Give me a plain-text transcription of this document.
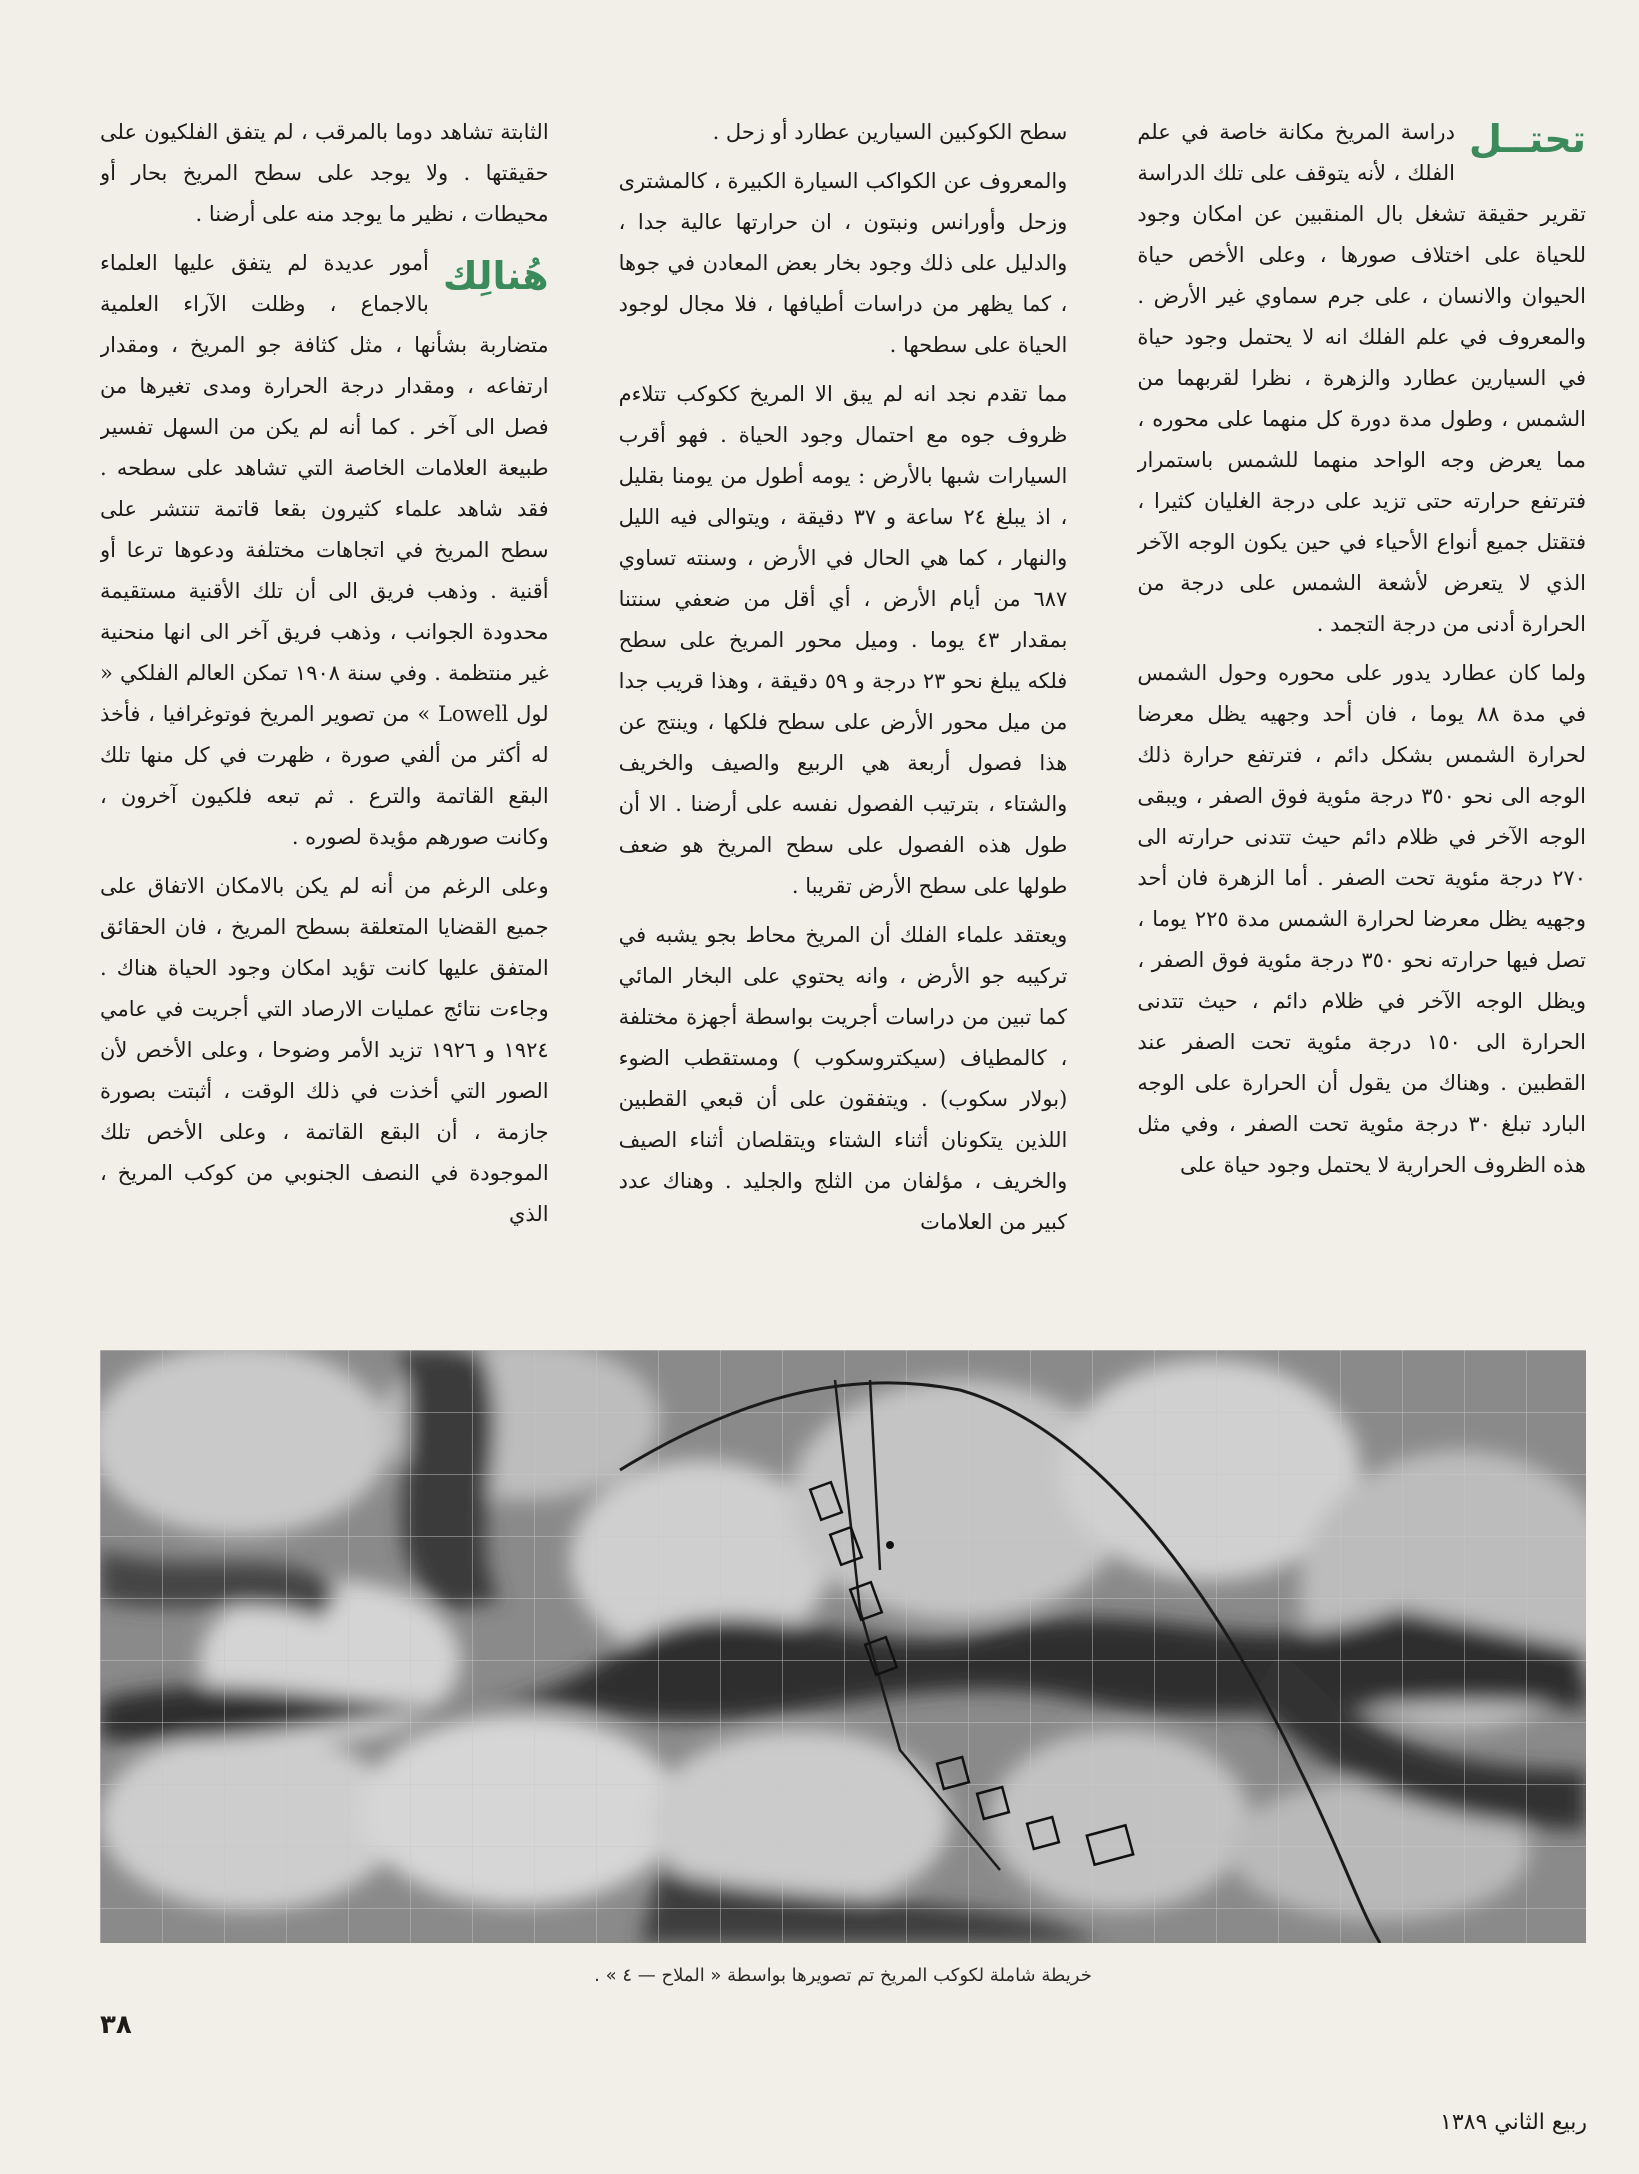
تحتــل
دراسة المريخ مكانة خاصة في علم الفلك ، لأنه يتوقف على تلك الدراسة تقرير حقيقة تشغل بال المنقبين عن امكان وجود للحياة على اختلاف صورها ، وعلى الأخص حياة الحيوان والانسان ، على جرم سماوي غير الأرض . والمعروف في علم الفلك انه لا يحتمل وجود حياة في السيارين عطارد والزهرة ، نظرا لقربهما من الشمس ، وطول مدة دورة كل منهما على محوره ، مما يعرض وجه الواحد منهما للشمس باستمرار فترتفع حرارته حتى تزيد على درجة الغليان كثيرا ، فتقتل جميع أنواع الأحياء في حين يكون الوجه الآخر الذي لا يتعرض لأشعة الشمس على درجة من الحرارة أدنى من درجة التجمد .

ولما كان عطارد يدور على محوره وحول الشمس في مدة ٨٨ يوما ، فان أحد وجهيه يظل معرضا لحرارة الشمس بشكل دائم ، فترتفع حرارة ذلك الوجه الى نحو ٣٥٠ درجة مئوية فوق الصفر ، ويبقى الوجه الآخر في ظلام دائم حيث تتدنى حرارته الى ٢٧٠ درجة مئوية تحت الصفر . أما الزهرة فان أحد وجهيه يظل معرضا لحرارة الشمس مدة ٢٢٥ يوما ، تصل فيها حرارته نحو ٣٥٠ درجة مئوية فوق الصفر ، ويظل الوجه الآخر في ظلام دائم ، حيث تتدنى الحرارة الى ١٥٠ درجة مئوية تحت الصفر عند القطبين . وهناك من يقول أن الحرارة على الوجه البارد تبلغ ٣٠ درجة مئوية تحت الصفر ، وفي مثل هذه الظروف الحرارية لا يحتمل وجود حياة على

سطح الكوكبين السيارين عطارد أو زحل .

والمعروف عن الكواكب السيارة الكبيرة ، كالمشترى وزحل وأورانس ونبتون ، ان حرارتها عالية جدا ، والدليل على ذلك وجود بخار بعض المعادن في جوها ، كما يظهر من دراسات أطيافها ، فلا مجال لوجود الحياة على سطحها .

مما تقدم نجد انه لم يبق الا المريخ ككوكب تتلاءم ظروف جوه مع احتمال وجود الحياة . فهو أقرب السيارات شبها بالأرض : يومه أطول من يومنا بقليل ، اذ يبلغ ٢٤ ساعة و ٣٧ دقيقة ، ويتوالى فيه الليل والنهار ، كما هي الحال في الأرض ، وسنته تساوي ٦٨٧ من أيام الأرض ، أي أقل من ضعفي سنتنا بمقدار ٤٣ يوما . وميل محور المريخ على سطح فلكه يبلغ نحو ٢٣ درجة و ٥٩ دقيقة ، وهذا قريب جدا من ميل محور الأرض على سطح فلكها ، وينتج عن هذا فصول أربعة هي الربيع والصيف والخريف والشتاء ، بترتيب الفصول نفسه على أرضنا . الا أن طول هذه الفصول على سطح المريخ هو ضعف طولها على سطح الأرض تقريبا .

ويعتقد علماء الفلك أن المريخ محاط بجو يشبه في تركيبه جو الأرض ، وانه يحتوي على البخار المائي كما تبين من دراسات أجريت بواسطة أجهزة مختلفة ، كالمطياف (سيكتروسكوب ) ومستقطب الضوء (بولار سكوب) . ويتفقون على أن قبعي القطبين اللذين يتكونان أثناء الشتاء ويتقلصان أثناء الصيف والخريف ، مؤلفان من الثلج والجليد . وهناك عدد كبير من العلامات

الثابتة تشاهد دوما بالمرقب ، لم يتفق الفلكيون على حقيقتها . ولا يوجد على سطح المريخ بحار أو محيطات ، نظير ما يوجد منه على أرضنا .

هُنالِك
أمور عديدة لم يتفق عليها العلماء بالاجماع ، وظلت الآراء العلمية متضاربة بشأنها ، مثل كثافة جو المريخ ، ومقدار ارتفاعه ، ومقدار درجة الحرارة ومدى تغيرها من فصل الى آخر . كما أنه لم يكن من السهل تفسير طبيعة العلامات الخاصة التي تشاهد على سطحه . فقد شاهد علماء كثيرون بقعا قاتمة تنتشر على سطح المريخ في اتجاهات مختلفة ودعوها ترعا أو أقنية . وذهب فريق الى أن تلك الأقنية مستقيمة محدودة الجوانب ، وذهب فريق آخر الى انها منحنية غير منتظمة . وفي سنة ١٩٠٨ تمكن العالم الفلكي « لول Lowell » من تصوير المريخ فوتوغرافيا ، فأخذ له أكثر من ألفي صورة ، ظهرت في كل منها تلك البقع القاتمة والترع . ثم تبعه فلكيون آخرون ، وكانت صورهم مؤيدة لصوره .

وعلى الرغم من أنه لم يكن بالامكان الاتفاق على جميع القضايا المتعلقة بسطح المريخ ، فان الحقائق المتفق عليها كانت تؤيد امكان وجود الحياة هناك . وجاءت نتائج عمليات الارصاد التي أجريت في عامي ١٩٢٤ و ١٩٢٦ تزيد الأمر وضوحا ، وعلى الأخص لأن الصور التي أخذت في ذلك الوقت ، أثبتت بصورة جازمة ، أن البقع القاتمة ، وعلى الأخص تلك الموجودة في النصف الجنوبي من كوكب المريخ ، الذي

خريطة شاملة لكوكب المريخ تم تصويرها بواسطة « الملاح — ٤ » .
٣٨
ربيع الثاني ١٣٨٩
